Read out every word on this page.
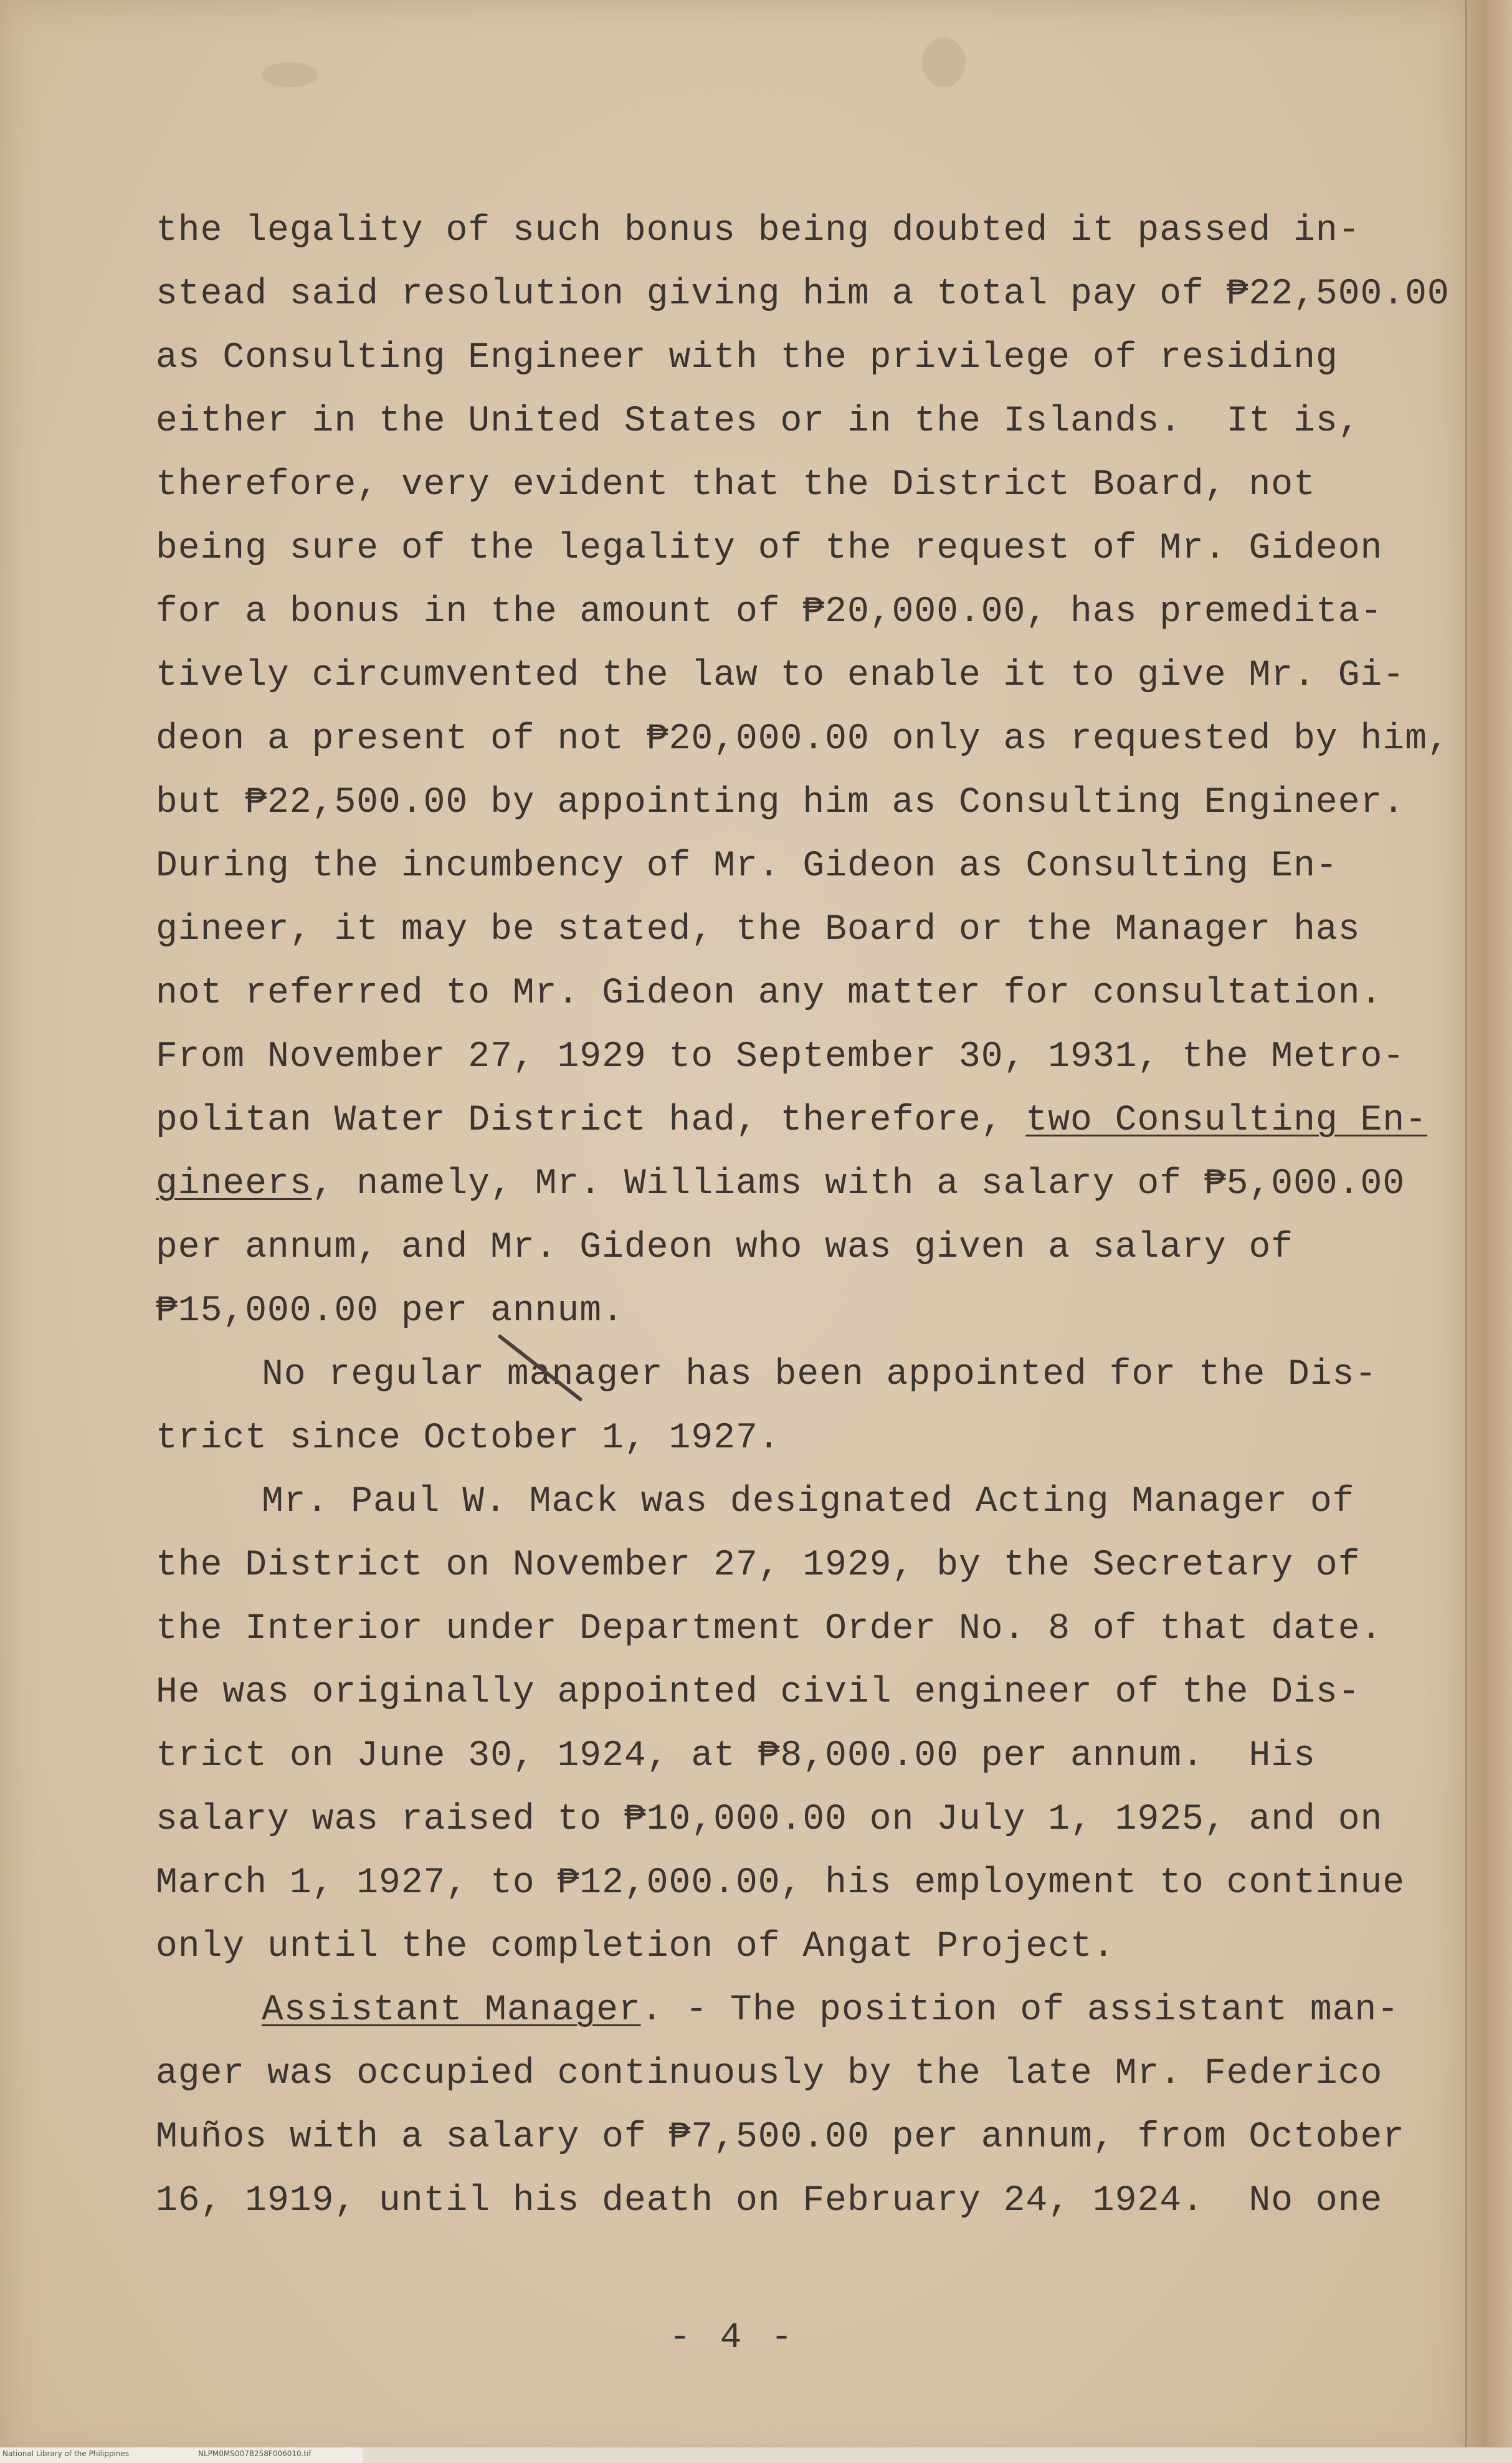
the legality of such bonus being doubted it passed in-
stead said resolution giving him a total pay of ₱22,500.00
as Consulting Engineer with the privilege of residing
either in the United States or in the Islands.  It is,
therefore, very evident that the District Board, not
being sure of the legality of the request of Mr. Gideon
for a bonus in the amount of ₱20,000.00, has premedita-
tively circumvented the law to enable it to give Mr. Gi-
deon a present of not ₱20,000.00 only as requested by him,
but ₱22,500.00 by appointing him as Consulting Engineer.
During the incumbency of Mr. Gideon as Consulting En-
gineer, it may be stated, the Board or the Manager has
not referred to Mr. Gideon any matter for consultation.
From November 27, 1929 to September 30, 1931, the Metro-
politan Water District had, therefore, two Consulting En-
gineers, namely, Mr. Williams with a salary of ₱5,000.00
per annum, and Mr. Gideon who was given a salary of
₱15,000.00 per annum.
No regular manager has been appointed for the Dis-
trict since October 1, 1927.
Mr. Paul W. Mack was designated Acting Manager of
the District on November 27, 1929, by the Secretary of
the Interior under Department Order No. 8 of that date.
He was originally appointed civil engineer of the Dis-
trict on June 30, 1924, at ₱8,000.00 per annum.  His
salary was raised to ₱10,000.00 on July 1, 1925, and on
March 1, 1927, to ₱12,000.00, his employment to continue
only until the completion of Angat Project.
Assistant Manager. - The position of assistant man-
ager was occupied continuously by the late Mr. Federico
Muños with a salary of ₱7,500.00 per annum, from October
16, 1919, until his death on February 24, 1924.  No one
- 4 -
National Library of the Philippines	NLPM0MS007B258F006010.tif
